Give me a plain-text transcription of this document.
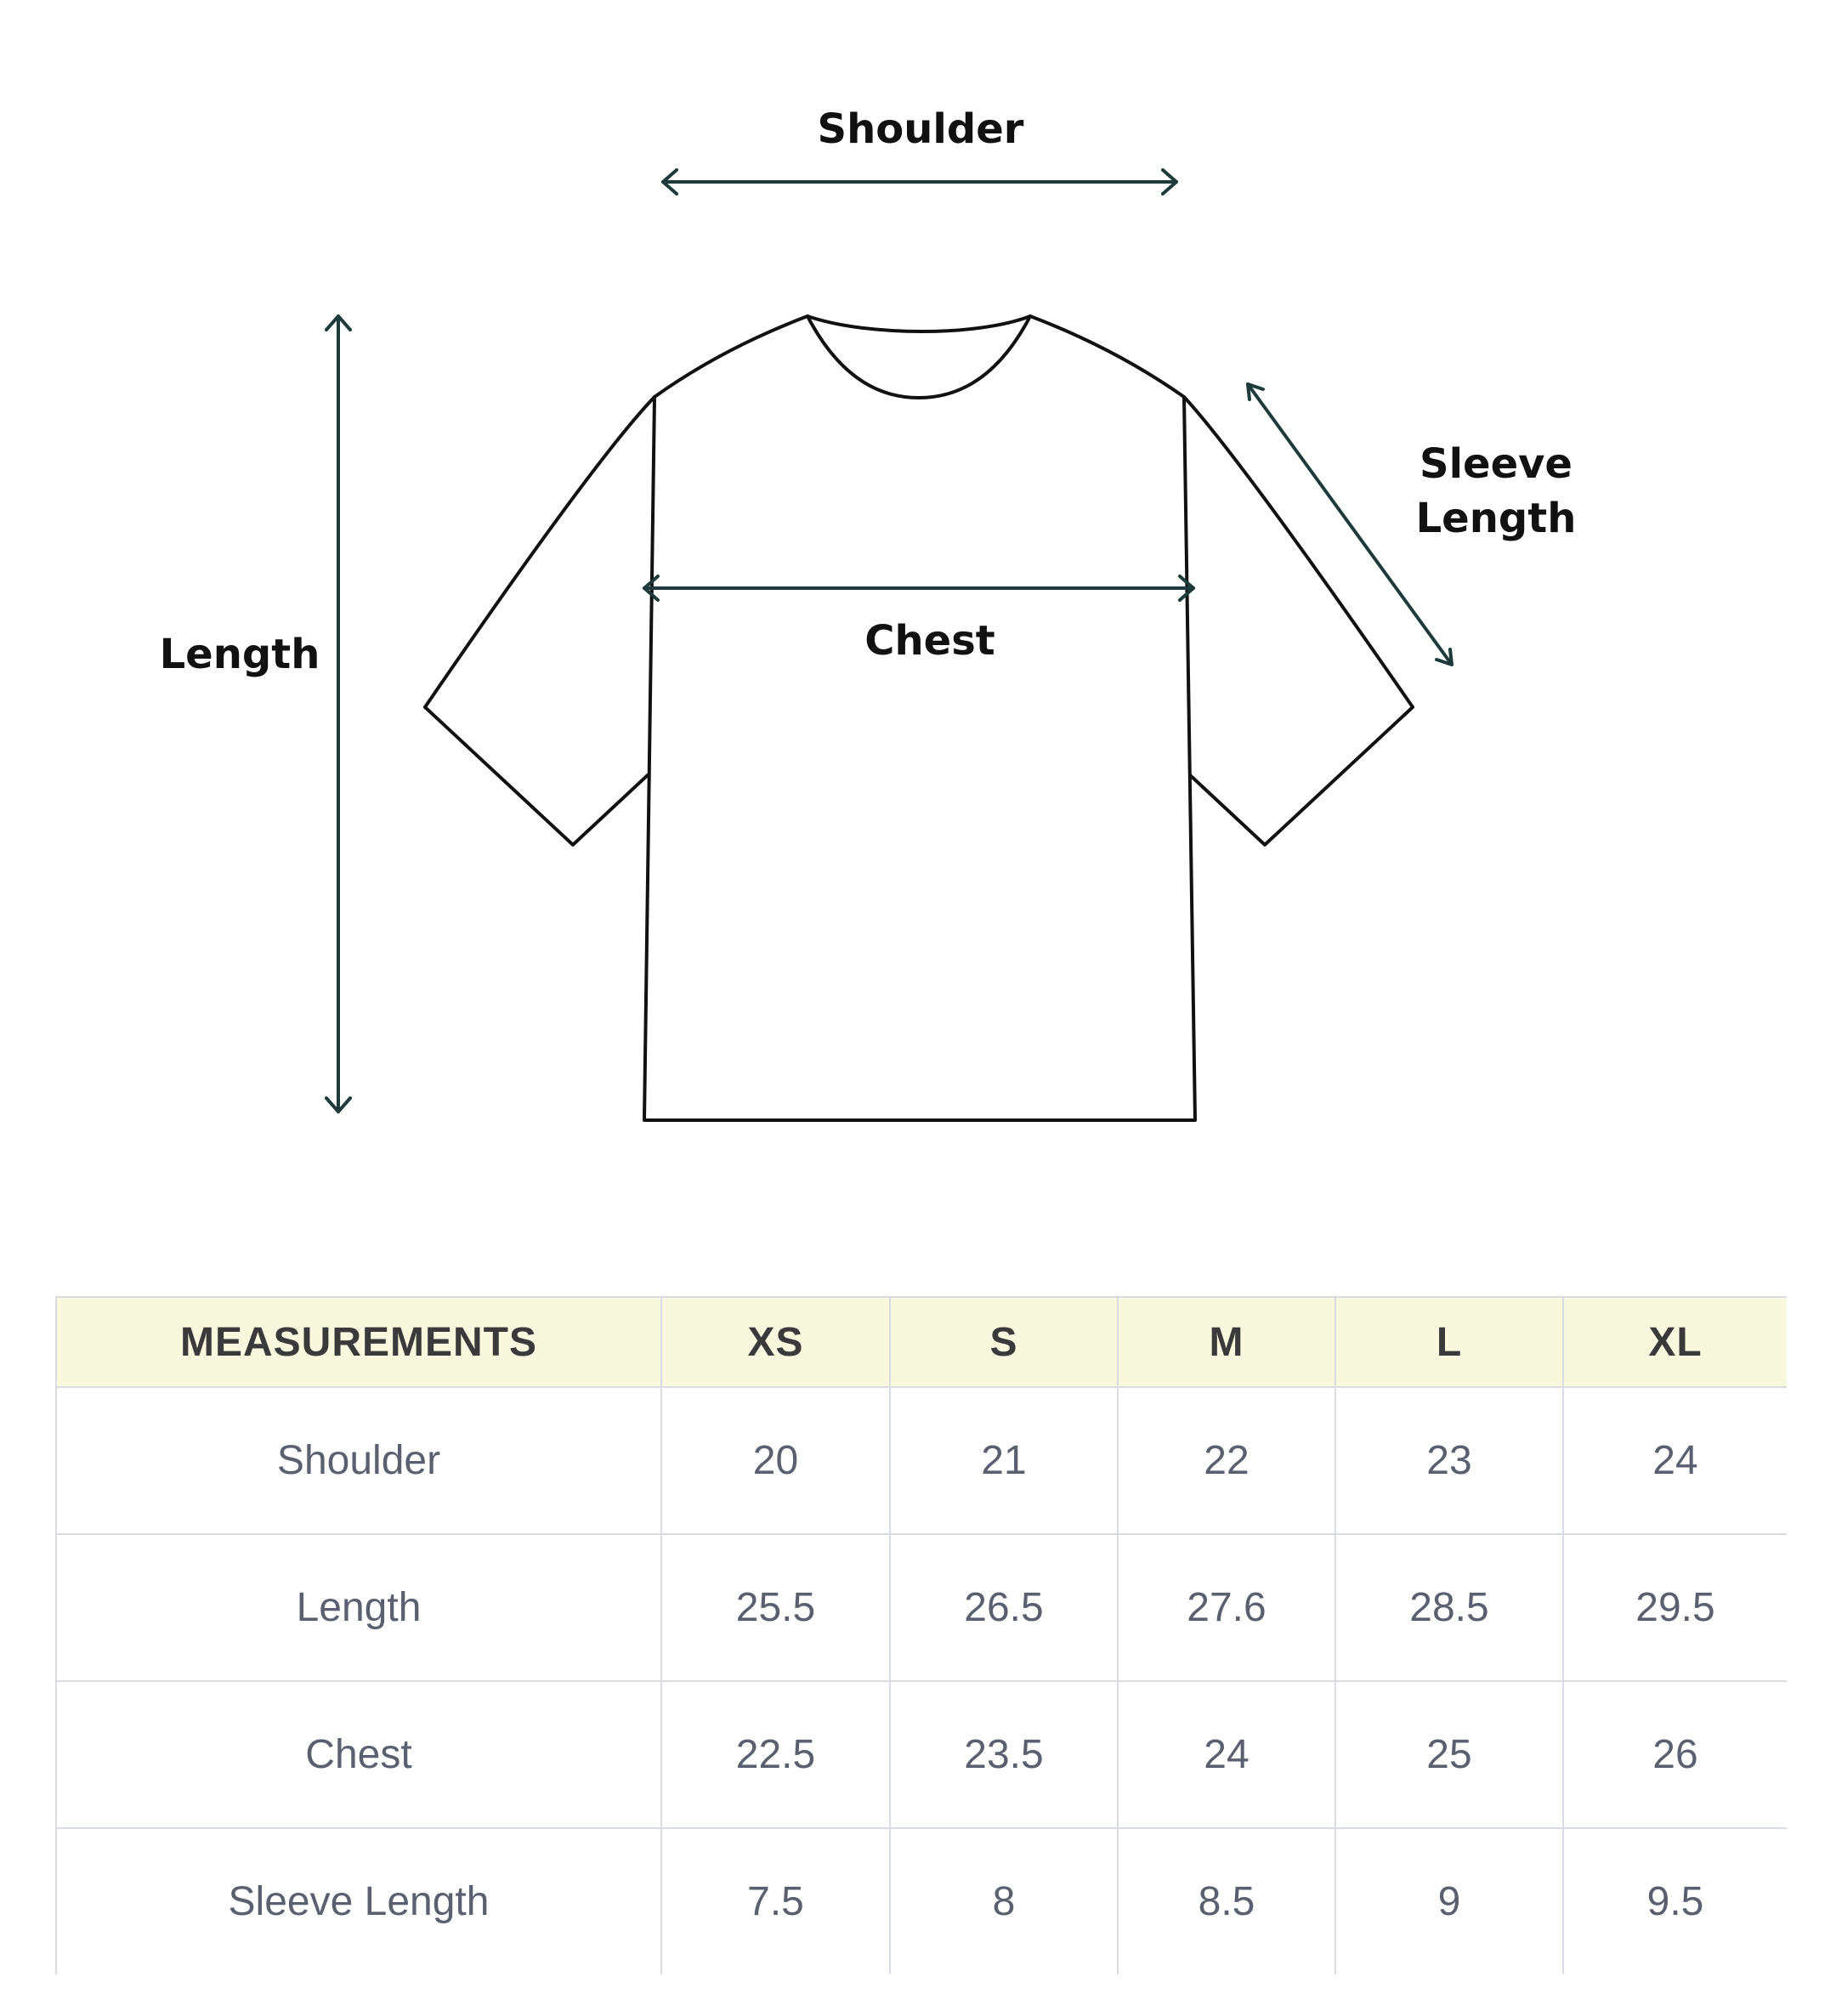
Shoulder
Length	Chest
Sleeve
Length
MEASUREMENTS	XS	S	M	L	XL
Shoulder	20	21	22	23	24
Length	25.5	26.5	27.6	28.5	29.5
Chest	22.5	23.5	24	25	26
Sleeve Length	7.5	8	8.5	9	9.5
